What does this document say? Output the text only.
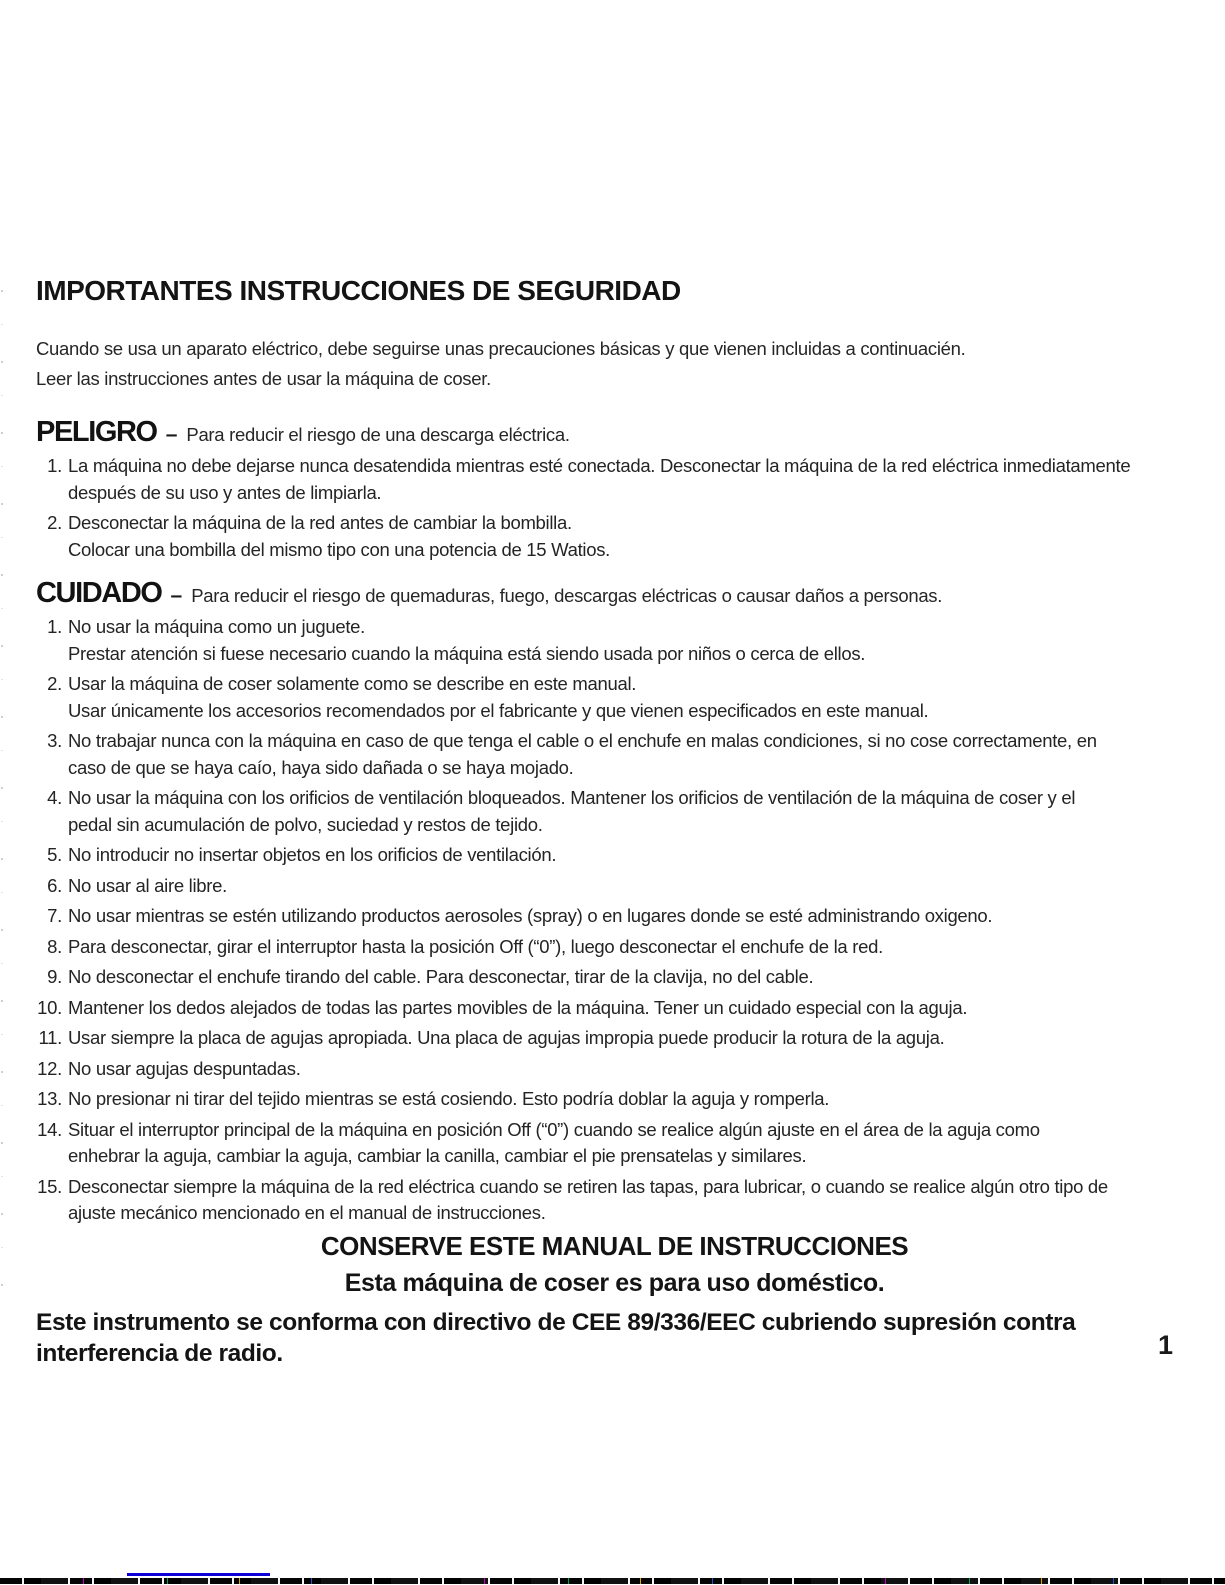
IMPORTANTES INSTRUCCIONES DE SEGURIDAD
Cuando se usa un aparato eléctrico, debe seguirse unas precauciones básicas y que vienen incluidas a continuacién.
Leer las instrucciones antes de usar la máquina de coser.
PELIGRO – Para reducir el riesgo de una descarga eléctrica.
1. La máquina no debe dejarse nunca desatendida mientras esté conectada. Desconectar la máquina de la red eléctrica inmediatamente
después de su uso y antes de limpiarla.
2. Desconectar la máquina de la red antes de cambiar la bombilla.
Colocar una bombilla del mismo tipo con una potencia de 15 Watios.
CUIDADO – Para reducir el riesgo de quemaduras, fuego, descargas eléctricas o causar daños a personas.
1. No usar la máquina como un juguete.
Prestar atención si fuese necesario cuando la máquina está siendo usada por niños o cerca de ellos.
2. Usar la máquina de coser solamente como se describe en este manual.
Usar únicamente los accesorios recomendados por el fabricante y que vienen especificados en este manual.
3. No trabajar nunca con la máquina en caso de que tenga el cable o el enchufe en malas condiciones, si no cose correctamente, en
caso de que se haya caío, haya sido dañada o se haya mojado.
4. No usar la máquina con los orificios de ventilación bloqueados. Mantener los orificios de ventilación de la máquina de coser y el
pedal sin acumulación de polvo, suciedad y restos de tejido.
5. No introducir no insertar objetos en los orificios de ventilación.
6. No usar al aire libre.
7. No usar mientras se estén utilizando productos aerosoles (spray) o en lugares donde se esté administrando oxigeno.
8. Para desconectar, girar el interruptor hasta la posición Off (“0”), luego desconectar el enchufe de la red.
9. No desconectar el enchufe tirando del cable. Para desconectar, tirar de la clavija, no del cable.
10. Mantener los dedos alejados de todas las partes movibles de la máquina. Tener un cuidado especial con la aguja.
11. Usar siempre la placa de agujas apropiada. Una placa de agujas impropia puede producir la rotura de la aguja.
12. No usar agujas despuntadas.
13. No presionar ni tirar del tejido mientras se está cosiendo. Esto podría doblar la aguja y romperla.
14. Situar el interruptor principal de la máquina en posición Off (“0”) cuando se realice algún ajuste en el área de la aguja como
enhebrar la aguja, cambiar la aguja, cambiar la canilla, cambiar el pie prensatelas y similares.
15. Desconectar siempre la máquina de la red eléctrica cuando se retiren las tapas, para lubricar, o cuando se realice algún otro tipo de
ajuste mecánico mencionado en el manual de instrucciones.
CONSERVE ESTE MANUAL DE INSTRUCCIONES
Esta máquina de coser es para uso doméstico.
Este instrumento se conforma con directivo de CEE 89/336/EEC cubriendo supresión contra
interferencia de radio.	1
